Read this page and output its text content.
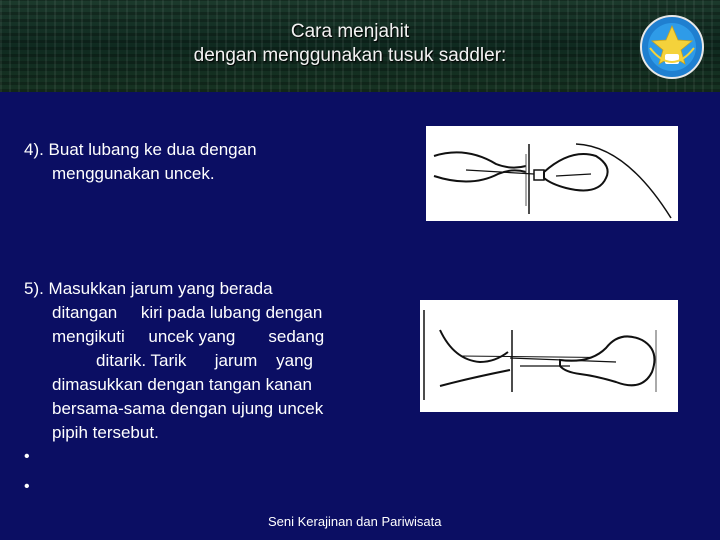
Cara menjahit
dengan menggunakan tusuk saddler:
4). Buat lubang ke dua dengan
menggunakan uncek.
5). Masukkan jarum yang berada
ditangan     kiri pada lubang dengan
mengikuti     uncek yang       sedang
ditarik. Tarik      jarum    yang
dimasukkan dengan tangan kanan
bersama-sama dengan ujung uncek
pipih tersebut.
•
•
Seni Kerajinan dan Pariwisata
